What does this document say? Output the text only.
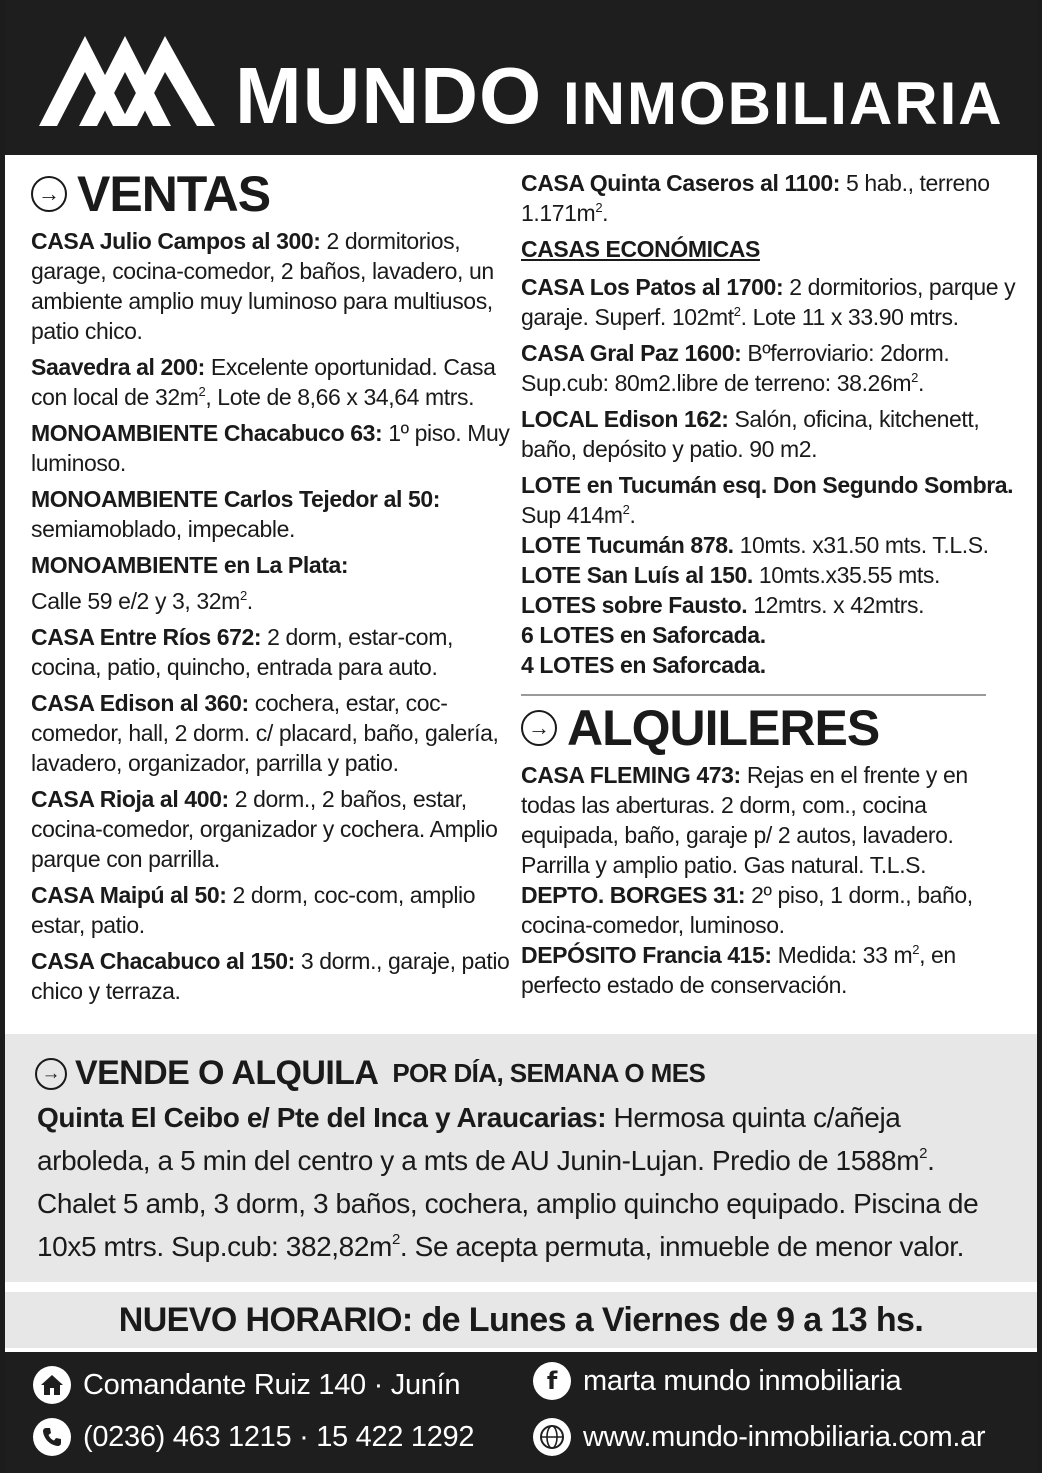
MUNDO INMOBILIARIA
→ VENTAS

CASA Julio Campos al 300: 2 dormitorios, garage, cocina-comedor, 2 baños, lavadero, un ambiente amplio muy luminoso para multiusos, patio chico.

Saavedra al 200: Excelente oportunidad. Casa con local de $32m^2$, Lote de 8,66 x 34,64 mtrs.

MONOAMBIENTE Chacabuco 63: 1º piso. Muy luminoso.

MONOAMBIENTE Carlos Tejedor al 50: semiamoblado, impecable.

MONOAMBIENTE en La Plata:

Calle 59 e/2 y 3, $32m^2$.

CASA Entre Ríos 672: 2 dorm, estar-com, cocina, patio, quincho, entrada para auto.

CASA Edison al 360: cochera, estar, coc-comedor, hall, 2 dorm. c/ placard, baño, galería, lavadero, organizador, parrilla y patio.

CASA Rioja al 400: 2 dorm., 2 baños, estar, cocina-comedor, organizador y cochera. Amplio parque con parrilla.

CASA Maipú al 50: 2 dorm, coc-com, amplio estar, patio.

CASA Chacabuco al 150: 3 dorm., garaje, patio chico y terraza.

CASA Quinta Caseros al 1100: 5 hab., terreno $1.171m^2$.

CASAS ECONÓMICAS

CASA Los Patos al 1700: 2 dormitorios, parque y garaje. Superf. $102mt^2$. Lote 11 x 33.90 mtrs.

CASA Gral Paz 1600: Bºferroviario: 2dorm. Sup.cub: 80m2.libre de terreno: $38.26m^2$.

LOCAL Edison 162: Salón, oficina, kitchenett, baño, depósito y patio. 90 m2.

LOTE en Tucumán esq. Don Segundo Sombra. Sup $414m^2$.

LOTE Tucumán 878. 10mts. x31.50 mts. T.L.S.

LOTE San Luís al 150. 10mts.x35.55 mts.

LOTES sobre Fausto. 12mtrs. x 42mtrs.

6 LOTES en Saforcada.

4 LOTES en Saforcada.

→ ALQUILERES

CASA FLEMING 473: Rejas en el frente y en todas las aberturas. 2 dorm, com., cocina equipada, baño, garaje p/ 2 autos, lavadero. Parrilla y amplio patio. Gas natural. T.L.S.

DEPTO. BORGES 31: 2º piso, 1 dorm., baño, cocina-comedor, luminoso.

DEPÓSITO Francia 415: Medida: 33 $m^2$, en perfecto estado de conservación.

→ VENDE O ALQUILA POR DÍA, SEMANA O MES
Quinta El Ceibo e/ Pte del Inca y Araucarias: Hermosa quinta c/añeja arboleda, a 5 min del centro y a mts de AU Junin-Lujan. Predio de $1588m^2$. Chalet 5 amb, 3 dorm, 3 baños, cochera, amplio quincho equipado. Piscina de 10x5 mtrs. Sup.cub: $382,82m^2$. Se acepta permuta, inmueble de menor valor.
NUEVO HORARIO: de Lunes a Viernes de 9 a 13 hs.
Comandante Ruiz 140 · Junín
(0236) 463 1215 · 15 422 1292
f marta mundo inmobiliaria
www.mundo-inmobiliaria.com.ar
